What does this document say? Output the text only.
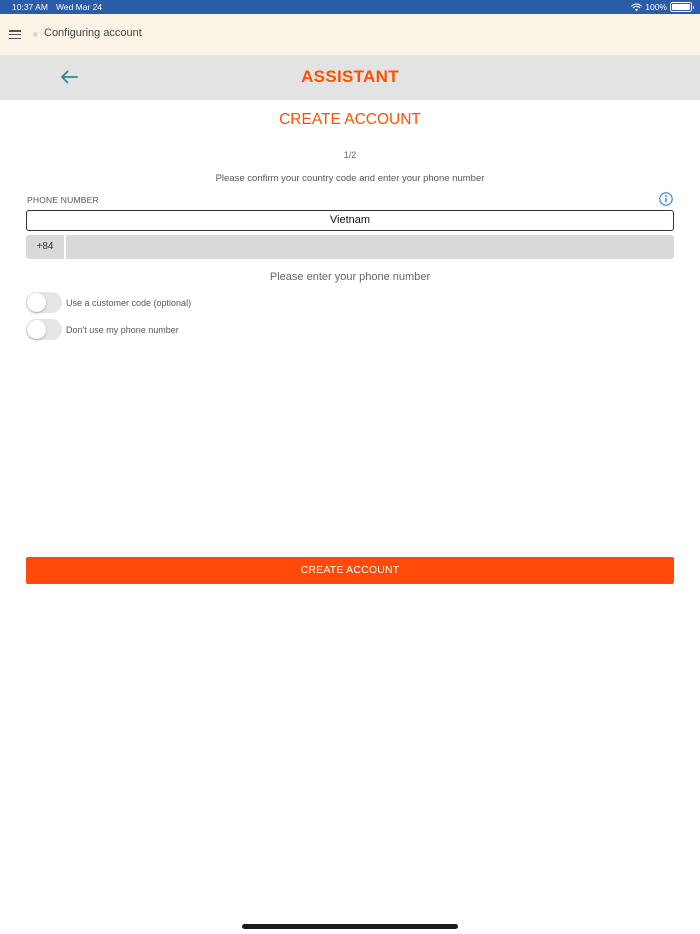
10:37 AM Wed Mar 24	100%
Configuring account
ASSISTANT
CREATE ACCOUNT
1/2
Please confirm your country code and enter your phone number
PHONE NUMBER
Vietnam
+84
Please enter your phone number
Use a customer code (optional)
Don't use my phone number
CREATE ACCOUNT
